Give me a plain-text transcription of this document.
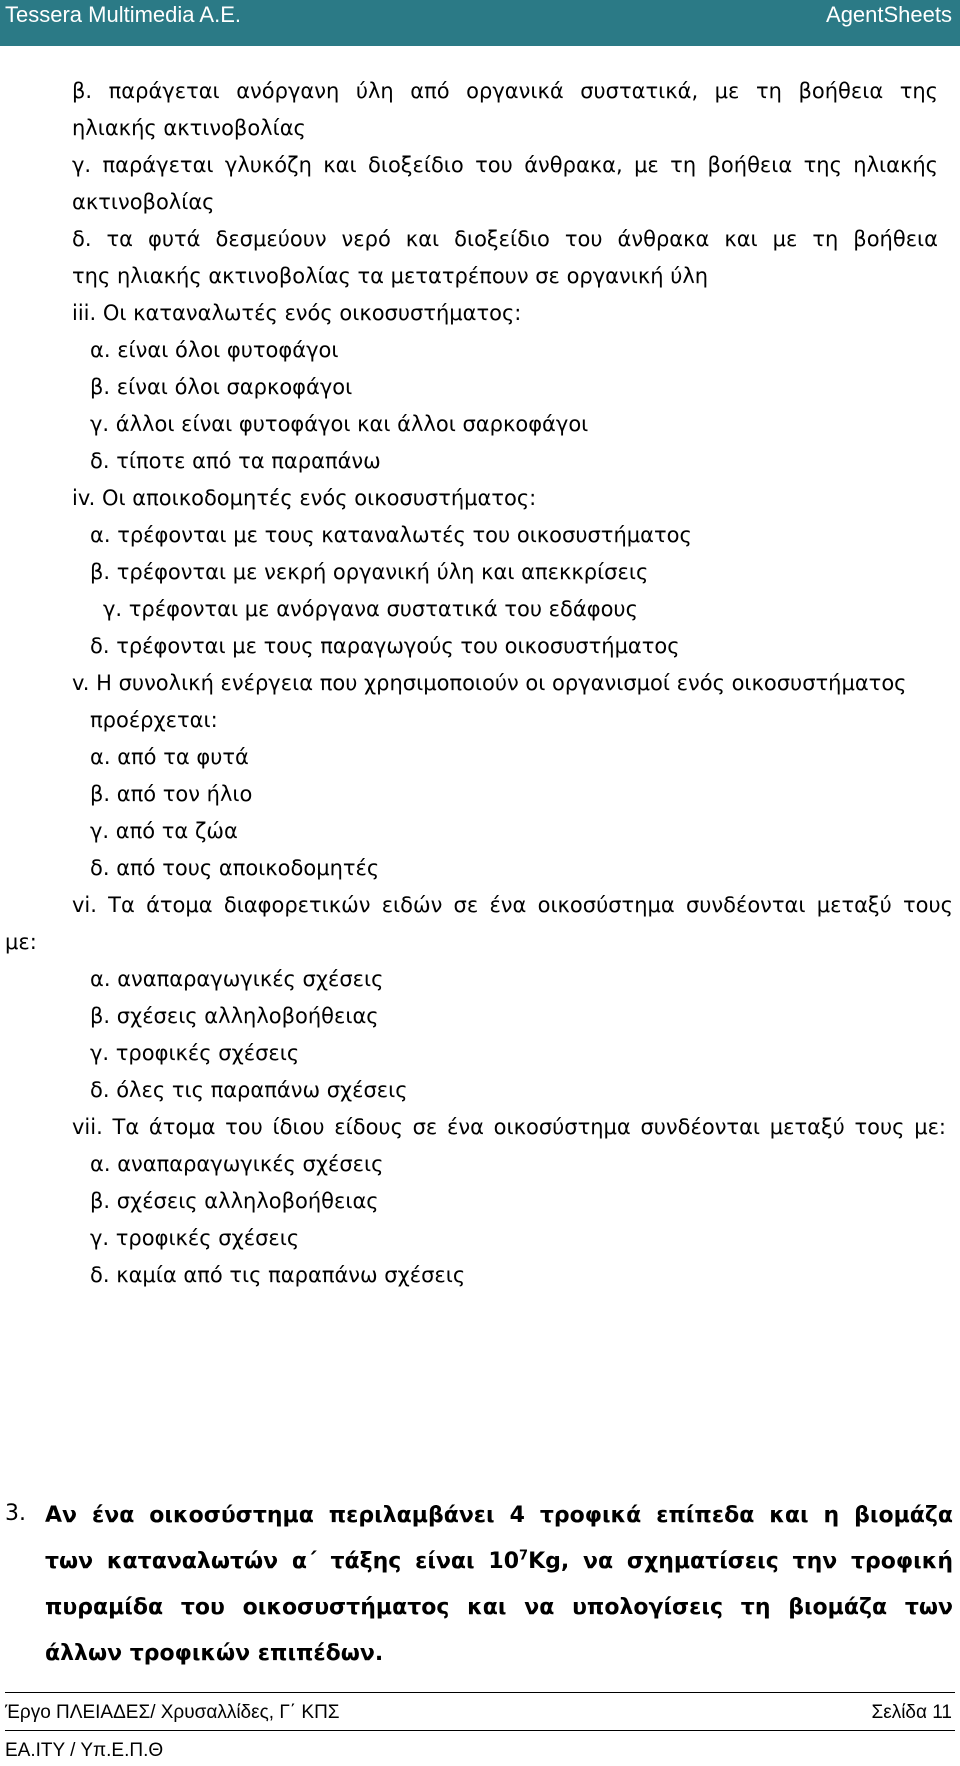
Tessera Multimedia A.E.	AgentSheets
β. παράγεται ανόργανη ύλη από οργανικά συστατικά, με τη βοήθεια της
ηλιακής ακτινοβολίας
γ. παράγεται γλυκόζη και διοξείδιο του άνθρακα, με τη βοήθεια της ηλιακής
ακτινοβολίας
δ. τα φυτά δεσμεύουν νερό και διοξείδιο του άνθρακα και με τη βοήθεια
της ηλιακής ακτινοβολίας τα μετατρέπουν σε οργανική ύλη
iii. Οι καταναλωτές ενός οικοσυστήματος:
α. είναι όλοι φυτοφάγοι
β. είναι όλοι σαρκοφάγοι
γ. άλλοι είναι φυτοφάγοι και άλλοι σαρκοφάγοι
δ. τίποτε από τα παραπάνω
iv. Οι αποικοδομητές ενός οικοσυστήματος:
α. τρέφονται με τους καταναλωτές του οικοσυστήματος
β. τρέφονται με νεκρή οργανική ύλη και απεκκρίσεις
γ. τρέφονται με ανόργανα συστατικά του εδάφους
δ. τρέφονται με τους παραγωγούς του οικοσυστήματος
v. Η συνολική ενέργεια που χρησιμοποιούν οι οργανισμοί ενός οικοσυστήματος
προέρχεται:
α. από τα φυτά
β. από τον ήλιο
γ. από τα ζώα
δ. από τους αποικοδομητές
vi. Τα άτομα διαφορετικών ειδών σε ένα οικοσύστημα συνδέονται μεταξύ τους
με:
α. αναπαραγωγικές σχέσεις
β. σχέσεις αλληλοβοήθειας
γ. τροφικές σχέσεις
δ. όλες τις παραπάνω σχέσεις
vii. Τα άτομα του ίδιου είδους σε ένα οικοσύστημα συνδέονται μεταξύ τους με:
α. αναπαραγωγικές σχέσεις
β. σχέσεις αλληλοβοήθειας
γ. τροφικές σχέσεις
δ. καμία από τις παραπάνω σχέσεις
3. Αν ένα οικοσύστημα περιλαμβάνει 4 τροφικά επίπεδα και η βιομάζα
των καταναλωτών α΄ τάξης είναι $10^7Kg$, να σχηματίσεις την τροφική
πυραμίδα του οικοσυστήματος και να υπολογίσεις τη βιομάζα των
άλλων τροφικών επιπέδων.
Έργο ΠΛΕΙΑΔΕΣ/ Χρυσαλλίδες, Γ΄ ΚΠΣ	Σελίδα 11
ΕΑ.ΙΤΥ / Υπ.Ε.Π.Θ
